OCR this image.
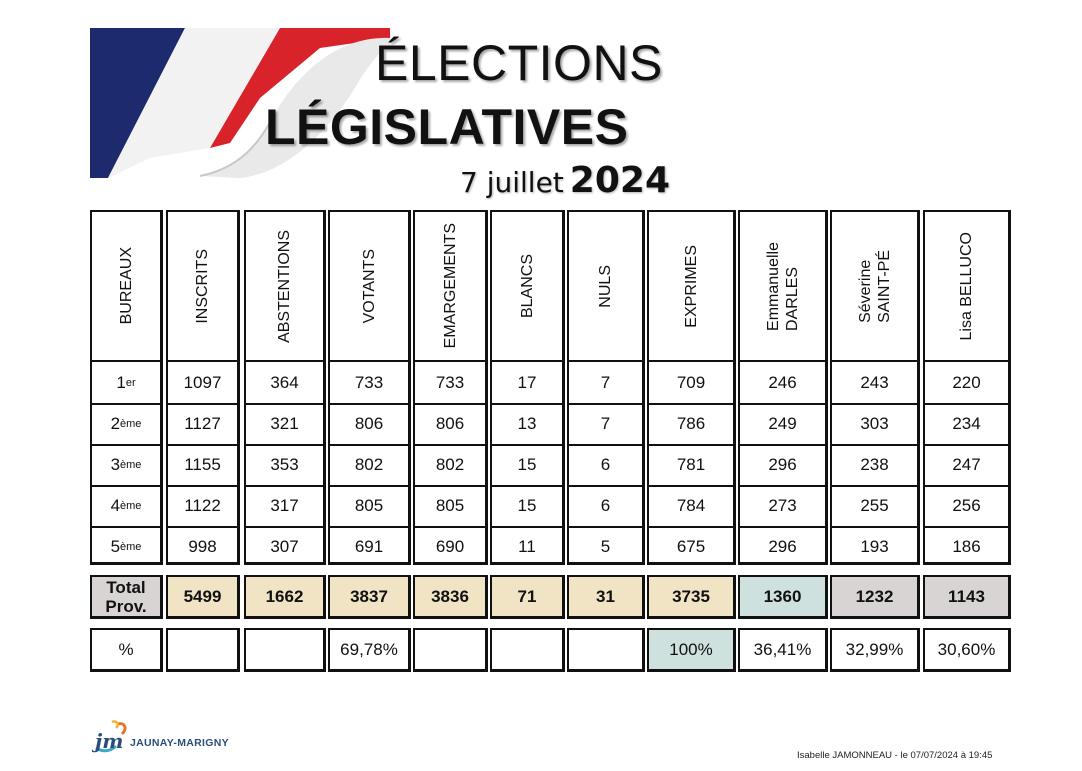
ÉLECTIONS
LÉGISLATIVES
7 juillet 2024
BUREAUX
1 er
2 ème
3 ème
4 ème
5 ème
Total
Prov.
%
INSCRITS
1097
1127
1155
1122
998
5499
ABSTENTIONS
364
321
353
317
307
1662
VOTANTS
733
806
802
805
691
3837
69,78%
EMARGEMENTS
733
806
802
805
690
3836
BLANCS
17
13
15
15
11
71
NULS
7
7
6
6
5
31
EXPRIMES
709
786
781
784
675
3735
100%
Emmanuelle DARLES
246
249
296
273
296
1360
36,41%
Séverine SAINT-PÉ
243
303
238
255
193
1232
32,99%
Lisa BELLUCO
220
234
247
256
186
1143
30,60%
jm JAUNAY-MARIGNY
Isabelle JAMONNEAU - le 07/07/2024 à 19:45
